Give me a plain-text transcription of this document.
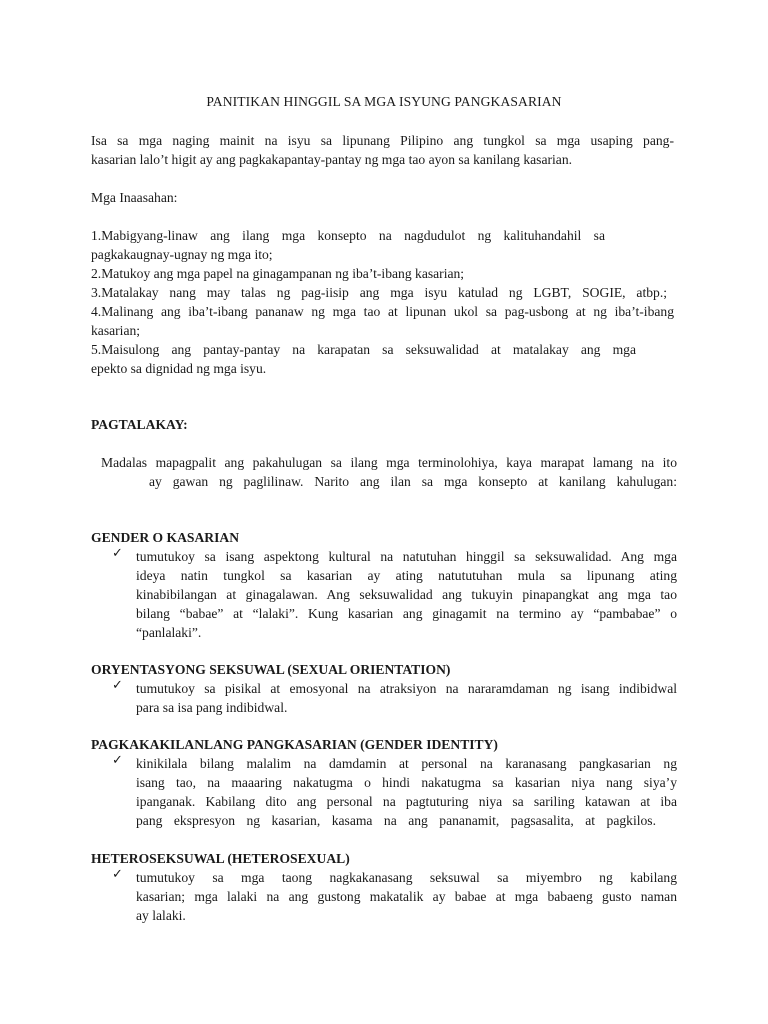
PANITIKAN HINGGIL SA MGA ISYUNG PANGKASARIAN
Isa sa mga naging mainit na isyu sa lipunang Pilipino ang tungkol sa mga usaping pang-
kasarian lalo’t higit ay ang pagkakapantay-pantay ng mga tao ayon sa kanilang kasarian.
Mga Inaasahan:
1.Mabigyang-linaw ang ilang mga konsepto na nagdudulot ng kalituhandahil sa
pagkakaugnay-ugnay ng mga ito;
2.Matukoy ang mga papel na ginagampanan ng iba’t-ibang kasarian;
3.Matalakay nang may talas ng pag-iisip ang mga isyu katulad ng LGBT, SOGIE, atbp.;
4.Malinang ang iba’t-ibang pananaw ng mga tao at lipunan ukol sa pag-usbong at ng iba’t-ibang
kasarian;
5.Maisulong ang pantay-pantay na karapatan sa seksuwalidad at matalakay ang mga
epekto sa dignidad ng mga isyu.
PAGTALAKAY:
Madalas mapagpalit ang pakahulugan sa ilang mga terminolohiya, kaya marapat lamang na ito
ay gawan ng paglilinaw. Narito ang ilan sa mga konsepto at kanilang kahulugan:
GENDER O KASARIAN
✓ tumutukoy sa isang aspektong kultural na natutuhan hinggil sa seksuwalidad. Ang mga
ideya natin tungkol sa kasarian ay ating natututuhan mula sa lipunang ating
kinabibilangan at ginagalawan. Ang seksuwalidad ang tukuyin pinapangkat ang mga tao
bilang “babae” at “lalaki”. Kung kasarian ang ginagamit na termino ay “pambabae” o
“panlalaki”.
ORYENTASYONG SEKSUWAL (SEXUAL ORIENTATION)
✓ tumutukoy sa pisikal at emosyonal na atraksiyon na nararamdaman ng isang indibidwal
para sa isa pang indibidwal.
PAGKAKAKILANLANG PANGKASARIAN (GENDER IDENTITY)
✓ kinikilala bilang malalim na damdamin at personal na karanasang pangkasarian ng
isang tao, na maaaring nakatugma o hindi nakatugma sa kasarian niya nang siya’y
ipanganak. Kabilang dito ang personal na pagtuturing niya sa sariling katawan at iba
pang ekspresyon ng kasarian, kasama na ang pananamit, pagsasalita, at pagkilos.
HETEROSEKSUWAL (HETEROSEXUAL)
✓ tumutukoy sa mga taong nagkakanasang seksuwal sa miyembro ng kabilang
kasarian; mga lalaki na ang gustong makatalik ay babae at mga babaeng gusto naman
ay lalaki.
